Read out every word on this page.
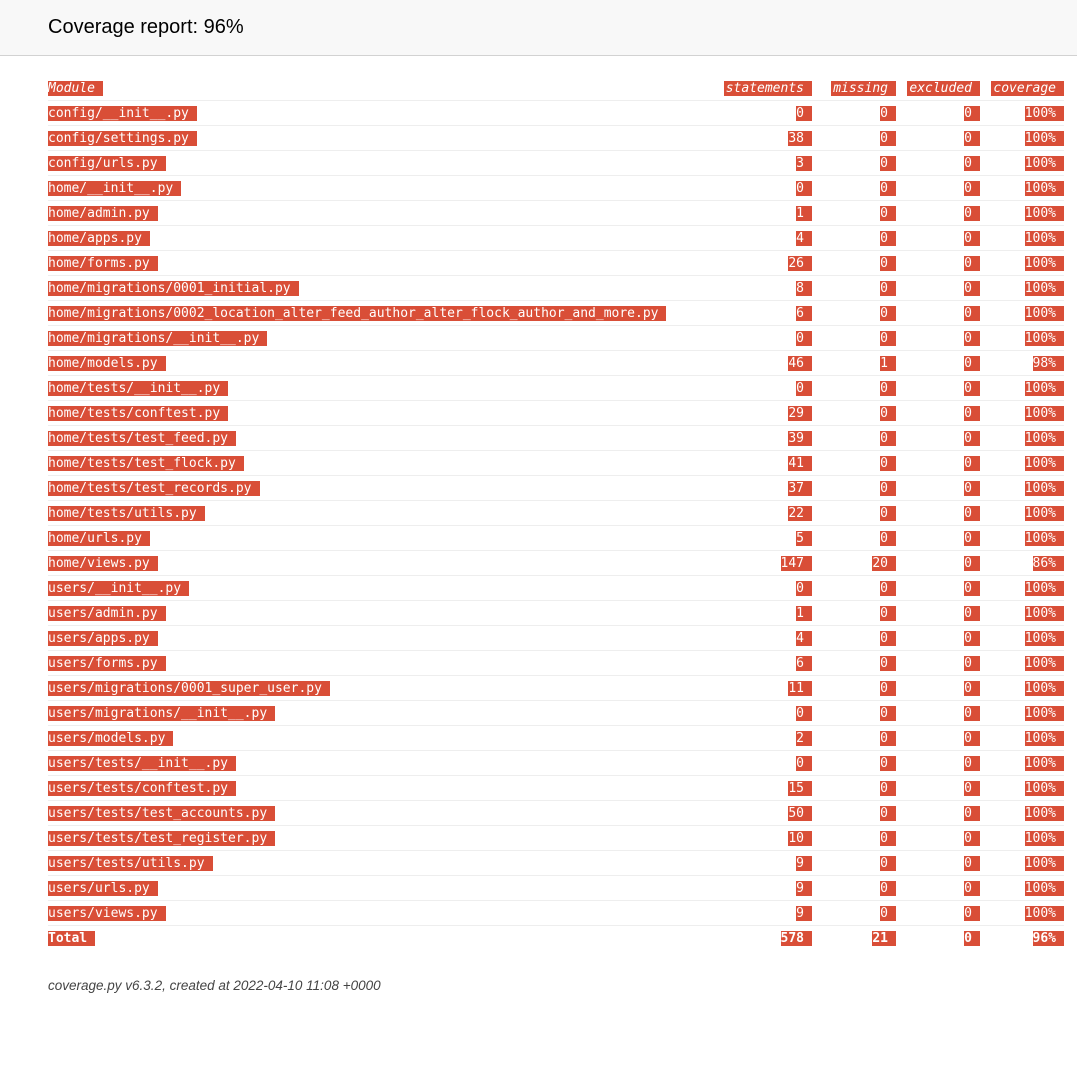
Coverage report: 96%
Module	statements	missing	excluded	coverage
config/__init__.py	0	0	0	100%
config/settings.py	38	0	0	100%
config/urls.py	3	0	0	100%
home/__init__.py	0	0	0	100%
home/admin.py	1	0	0	100%
home/apps.py	4	0	0	100%
home/forms.py	26	0	0	100%
home/migrations/0001_initial.py	8	0	0	100%
home/migrations/0002_location_alter_feed_author_alter_flock_author_and_more.py	6	0	0	100%
home/migrations/__init__.py	0	0	0	100%
home/models.py	46	1	0	98%
home/tests/__init__.py	0	0	0	100%
home/tests/conftest.py	29	0	0	100%
home/tests/test_feed.py	39	0	0	100%
home/tests/test_flock.py	41	0	0	100%
home/tests/test_records.py	37	0	0	100%
home/tests/utils.py	22	0	0	100%
home/urls.py	5	0	0	100%
home/views.py	147	20	0	86%
users/__init__.py	0	0	0	100%
users/admin.py	1	0	0	100%
users/apps.py	4	0	0	100%
users/forms.py	6	0	0	100%
users/migrations/0001_super_user.py	11	0	0	100%
users/migrations/__init__.py	0	0	0	100%
users/models.py	2	0	0	100%
users/tests/__init__.py	0	0	0	100%
users/tests/conftest.py	15	0	0	100%
users/tests/test_accounts.py	50	0	0	100%
users/tests/test_register.py	10	0	0	100%
users/tests/utils.py	9	0	0	100%
users/urls.py	9	0	0	100%
users/views.py	9	0	0	100%
Total	578	21	0	96%

coverage.py v6.3.2, created at 2022-04-10 11:08 +0000
